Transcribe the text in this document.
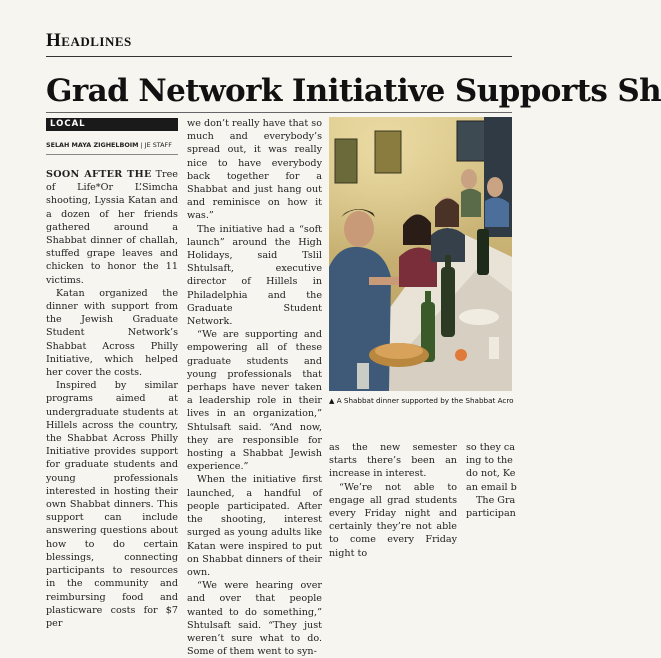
Headlines
Grad Network Initiative Supports Sh
LOCAL
SELAH MAYA ZIGHELBOIM | JE STAFF

SOON AFTER THE Tree of Life*Or L’Simcha shooting, Lyssia Katan and a dozen of her friends gathered around a Shabbat dinner of challah, stuffed grape leaves and chicken to honor the 11 victims.

Katan organized the dinner with support from the Jewish Graduate Student Network’s Shabbat Across Philly Initiative, which helped her cover the costs.

Inspired by similar programs aimed at undergraduate students at Hillels across the country, the Shabbat Across Philly Initiative provides support for graduate students and young professionals interested in hosting their own Shabbat dinners. This support can include answering questions about how to do certain blessings, connecting participants to resources in the community and reimbursing food and plasticware costs for $7 per

we don’t really have that so much and everybody’s spread out, it was really nice to have everybody back together for a Shabbat and just hang out and reminisce on how it was.”

The initiative had a “soft launch” around the High Holidays, said Tslil Shtulsaft, executive director of Hillels in Philadelphia and the Graduate Student Network.

“We are supporting and empowering all of these graduate students and young professionals that perhaps have never taken a leadership role in their lives in an organization,” Shtulsaft said. “And now, they are responsible for hosting a Shabbat Jewish experience.”

When the initiative first launched, a handful of people participated. After the shooting, interest surged as young adults like Katan were inspired to put on Shabbat dinners of their own.

“We were hearing over and over that people wanted to do something,” Shtulsaft said. “They just weren’t sure what to do. Some of them went to syn-

▲ A Shabbat dinner supported by the Shabbat Acro

as the new semester starts there’s been an increase in interest.

“We’re not able to engage all grad students every Friday night and certainly they’re not able to come every Friday night to

so they ca
ing to the
do not, Ke
an email b
The Gra
participan
